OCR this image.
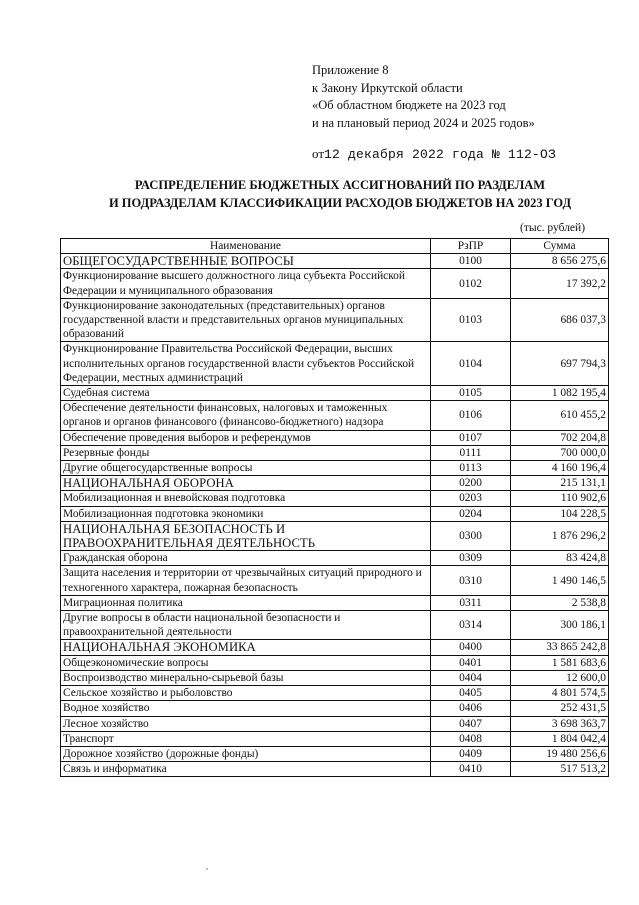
Приложение 8
к Закону Иркутской области
«Об областном бюджете на 2023 год
и на плановый период 2024 и 2025 годов»
от12 декабря 2022 года № 112-ОЗ
РАСПРЕДЕЛЕНИЕ БЮДЖЕТНЫХ АССИГНОВАНИЙ ПО РАЗДЕЛАМ
И ПОДРАЗДЕЛАМ КЛАССИФИКАЦИИ РАСХОДОВ БЮДЖЕТОВ НА 2023 ГОД
(тыс. рублей)
Наименование	РзПР	Сумма
ОБЩЕГОСУДАРСТВЕННЫЕ ВОПРОСЫ	0100	8 656 275,6
Функционирование высшего должностного лица субъекта Российской Федерации и муниципального образования	0102	17 392,2
Функционирование законодательных (представительных) органов государственной власти и представительных органов муниципальных образований	0103	686 037,3
Функционирование Правительства Российской Федерации, высших исполнительных органов государственной власти субъектов Российской Федерации, местных администраций	0104	697 794,3
Судебная система	0105	1 082 195,4
Обеспечение деятельности финансовых, налоговых и таможенных органов и органов финансового (финансово-бюджетного) надзора	0106	610 455,2
Обеспечение проведения выборов и референдумов	0107	702 204,8
Резервные фонды	0111	700 000,0
Другие общегосударственные вопросы	0113	4 160 196,4
НАЦИОНАЛЬНАЯ ОБОРОНА	0200	215 131,1
Мобилизационная и вневойсковая подготовка	0203	110 902,6
Мобилизационная подготовка экономики	0204	104 228,5
НАЦИОНАЛЬНАЯ БЕЗОПАСНОСТЬ И ПРАВООХРАНИТЕЛЬНАЯ ДЕЯТЕЛЬНОСТЬ	0300	1 876 296,2
Гражданская оборона	0309	83 424,8
Защита населения и территории от чрезвычайных ситуаций природного и техногенного характера, пожарная безопасность	0310	1 490 146,5
Миграционная политика	0311	2 538,8
Другие вопросы в области национальной безопасности и правоохранительной деятельности	0314	300 186,1
НАЦИОНАЛЬНАЯ ЭКОНОМИКА	0400	33 865 242,8
Общеэкономические вопросы	0401	1 581 683,6
Воспроизводство минерально-сырьевой базы	0404	12 600,0
Сельское хозяйство и рыболовство	0405	4 801 574,5
Водное хозяйство	0406	252 431,5
Лесное хозяйство	0407	3 698 363,7
Транспорт	0408	1 804 042,4
Дорожное хозяйство (дорожные фонды)	0409	19 480 256,6
Связь и информатика	0410	517 513,2
